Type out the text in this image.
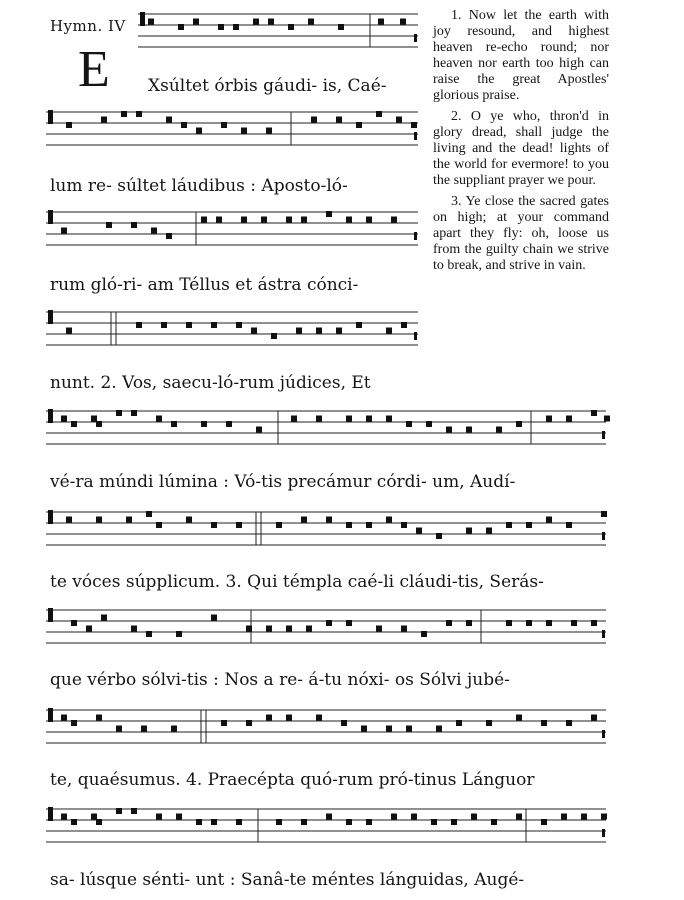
Hymn. IV
E

1. Now let the earth with joy resound, and highest heaven re-echo round; nor heaven nor earth too high can raise the great Apostles' glorious praise.

2. O ye who, thron'd in glory dread, shall judge the living and the dead! lights of the world for evermore! to you the suppliant prayer we pour.

3. Ye close the sacred gates on high; at your command apart they fly: oh, loose us from the guilty chain we strive to break, and strive in vain.

Xsúltet órbis gáudi- is, Caé-
lum re- súltet láudibus : Aposto-ló-
rum gló-ri- am Téllus et ástra cónci-
nunt. 2. Vos, saecu-ló-rum júdices, Et
vé-ra múndi lúmina : Vó-tis precámur córdi- um, Audí-
te vóces súpplicum. 3. Qui témpla caé-li cláudi-tis, Serás-
que vérbo sólvi-tis : Nos a re- á-tu nóxi- os Sólvi jubé-
te, quaésumus. 4. Praecépta quó-rum pró-tinus Lánguor
sa- lúsque sénti- unt : Sanâ-te méntes lánguidas, Augé-
